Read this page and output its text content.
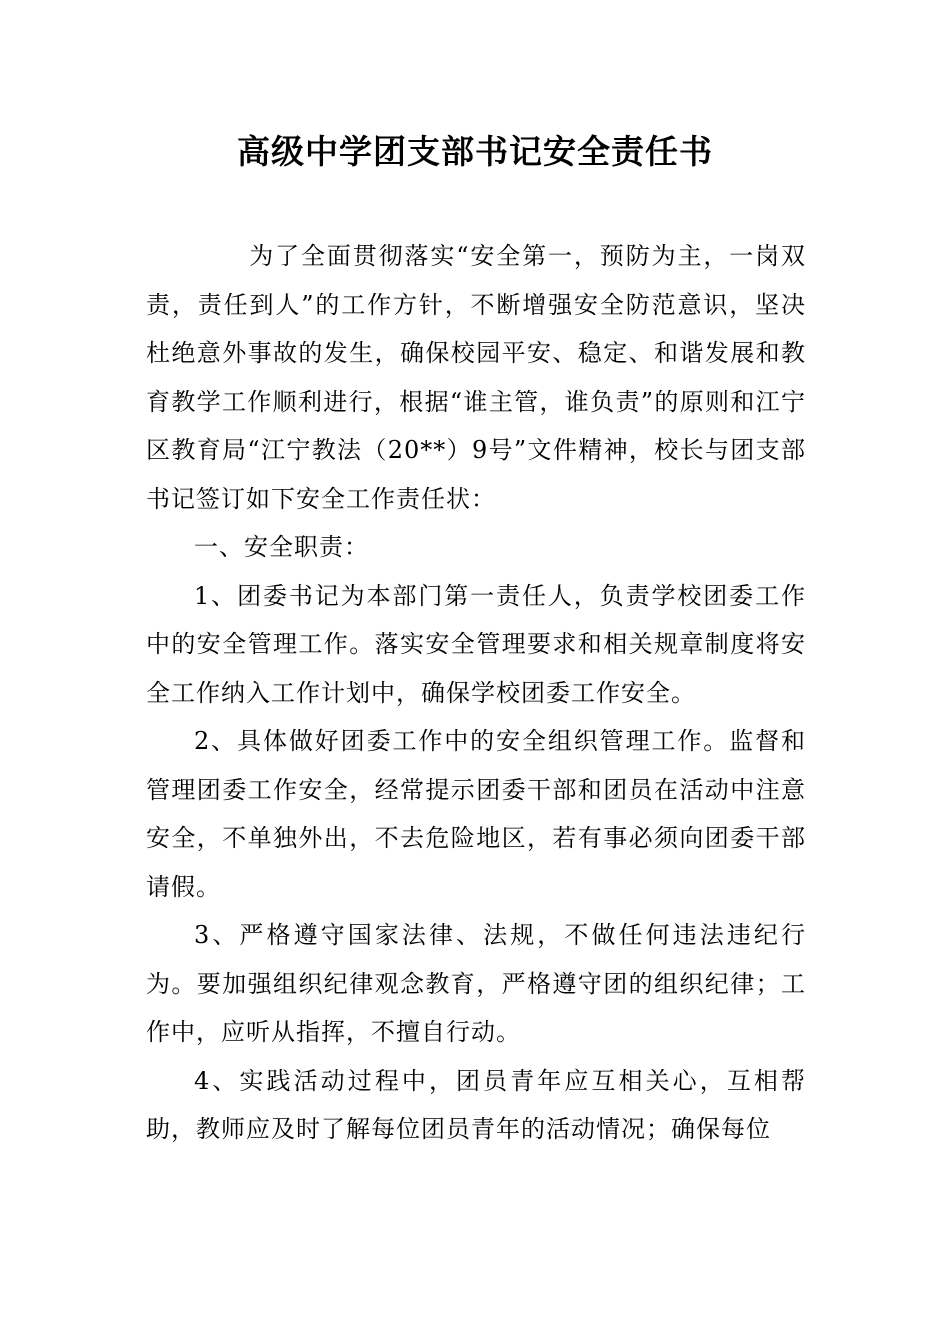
高级中学团支部书记安全责任书

为了全面贯彻落实“安全第一，预防为主，一岗双责，责任到人”的工作方针，不断增强安全防范意识，坚决杜绝意外事故的发生，确保校园平安、稳定、和谐发展和教育教学工作顺利进行，根据“谁主管，谁负责”的原则和江宁区教育局“江宁教法（20**）9号”文件精神，校长与团支部书记签订如下安全工作责任状：

一、安全职责：

1、团委书记为本部门第一责任人，负责学校团委工作中的安全管理工作。落实安全管理要求和相关规章制度将安全工作纳入工作计划中，确保学校团委工作安全。

2、具体做好团委工作中的安全组织管理工作。监督和管理团委工作安全，经常提示团委干部和团员在活动中注意安全，不单独外出，不去危险地区，若有事必须向团委干部请假。

3、严格遵守国家法律、法规，不做任何违法违纪行为。要加强组织纪律观念教育，严格遵守团的组织纪律；工作中，应听从指挥，不擅自行动。

4、实践活动过程中，团员青年应互相关心，互相帮助，教师应及时了解每位团员青年的活动情况；确保每位
